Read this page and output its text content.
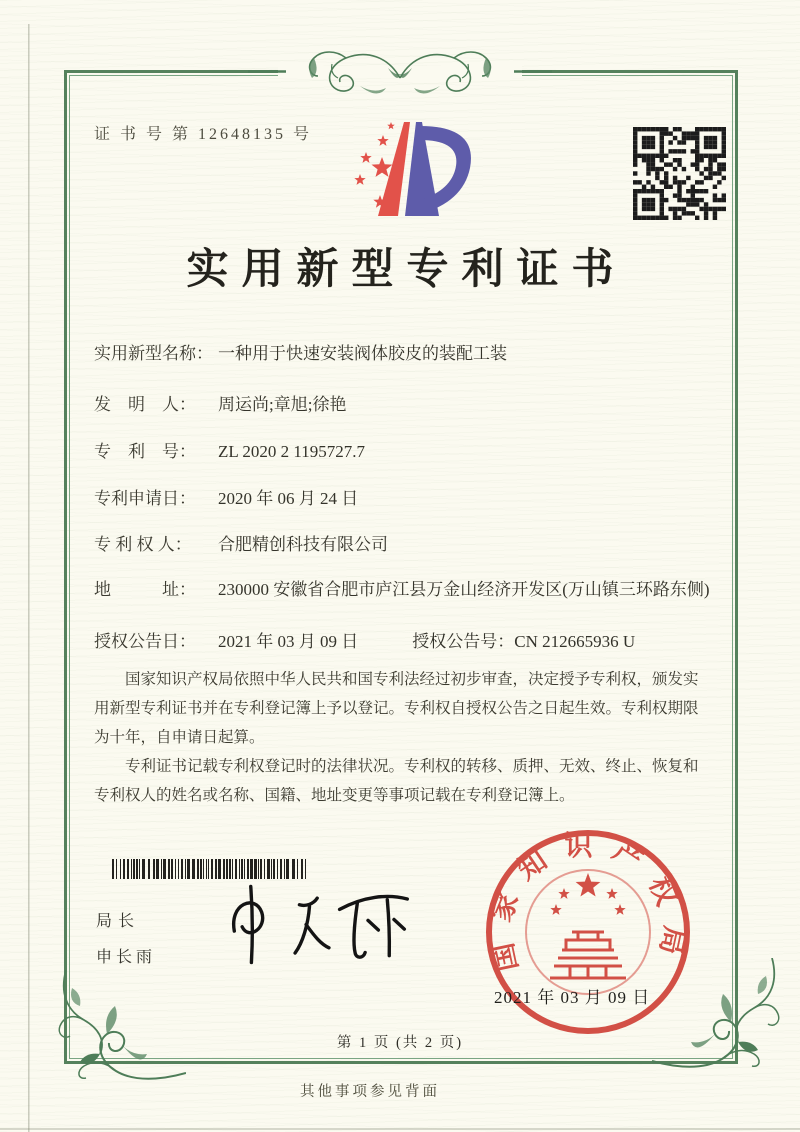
证 书 号 第 12648135 号
实用新型专利证书
实用新型名称： 一种用于快速安装阀体胶皮的装配工装
发　明　人：	周运尚;章旭;徐艳
专　利　号：	ZL 2020 2 1195727.7
专利申请日：	2020 年 06 月 24 日
专 利 权 人：	合肥精创科技有限公司
地　　　址：	230000 安徽省合肥市庐江县万金山经济开发区(万山镇三环路东侧)
授权公告日：	2021 年 03 月 09 日	授权公告号：CN 212665936 U

国家知识产权局依照中华人民共和国专利法经过初步审查，决定授予专利权，颁发实用新型专利证书并在专利登记簿上予以登记。专利权自授权公告之日起生效。专利权期限为十年，自申请日起算。

专利证书记载专利权登记时的法律状况。专利权的转移、质押、无效、终止、恢复和专利权人的姓名或名称、国籍、地址变更等事项记载在专利登记簿上。

局长
申长雨	国家知识产权局
2021 年 03 月 09 日
第 1 页 (共 2 页)
其他事项参见背面
